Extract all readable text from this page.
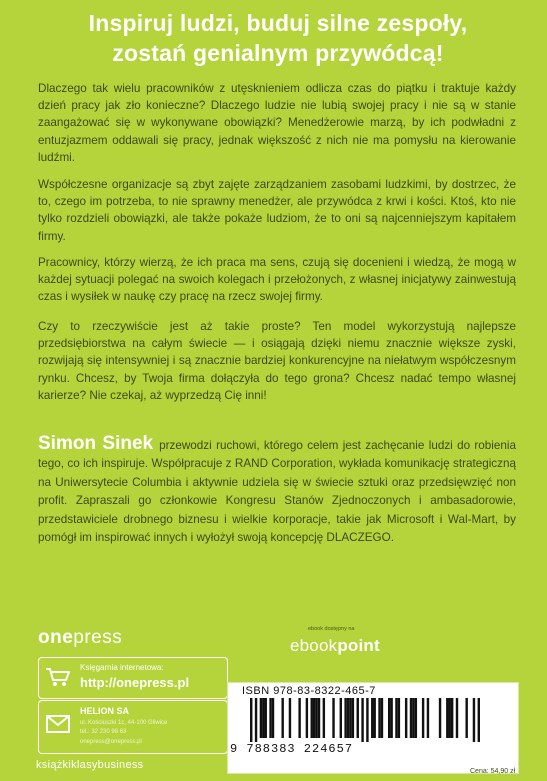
Inspiruj ludzi, buduj silne zespoły,
zostań genialnym przywódcą!
Dlaczego tak wielu pracowników z utęsknieniem odlicza czas do piątku i traktuje każdy dzień pracy jak zło konieczne? Dlaczego ludzie nie lubią swojej pracy i nie są w stanie zaangażować się w wykonywane obowiązki? Menedżerowie marzą, by ich podwładni z entuzjazmem oddawali się pracy, jednak większość z nich nie ma pomysłu na kierowanie ludźmi.
Współczesne organizacje są zbyt zajęte zarządzaniem zasobami ludzkimi, by dostrzec, że to, czego im potrzeba, to nie sprawny menedżer, ale przywódca z krwi i kości. Ktoś, kto nie tylko rozdzieli obowiązki, ale także pokaże ludziom, że to oni są najcenniejszym kapitałem firmy.
Pracownicy, którzy wierzą, że ich praca ma sens, czują się docenieni i wiedzą, że mogą w każdej sytuacji polegać na swoich kolegach i przełożonych, z własnej inicjatywy zainwestują czas i wysiłek w naukę czy pracę na rzecz swojej firmy.
Czy to rzeczywiście jest aż takie proste? Ten model wykorzystują najlepsze przedsiębiorstwa na całym świecie — i osiągają dzięki niemu znacznie większe zyski, rozwijają się intensywniej i są znacznie bardziej konkurencyjne na niełatwym współczesnym rynku. Chcesz, by Twoja firma dołączyła do tego grona? Chcesz nadać tempo własnej karierze? Nie czekaj, aż wyprzedzą Cię inni!
Simon Sinek przewodzi ruchowi, którego celem jest zachęcanie ludzi do robienia tego, co ich inspiruje. Współpracuje z RAND Corporation, wykłada komunikację strategiczną na Uniwersytecie Columbia i aktywnie udziela się w świecie sztuki oraz przedsięwzięć non profit. Zapraszali go członkowie Kongresu Stanów Zjednoczonych i ambasadorowie, przedstawiciele drobnego biznesu i wielkie korporacje, takie jak Microsoft i Wal-Mart, by pomógł im inspirować innych i wyłożył swoją koncepcję DLACZEGO.
onepress
Księgarnia internetowa:
http://onepress.pl
HELION SA
ul. Kościuszki 1c, 44-100 Gliwice
tel.: 32 230 98 63
onepress@onepress.pl
książkiklasybusiness
ebook dostępny na
ebookpoint
ISBN 978-83-8322-465-7
9 788383 224657
Cena: 54,90 zł
